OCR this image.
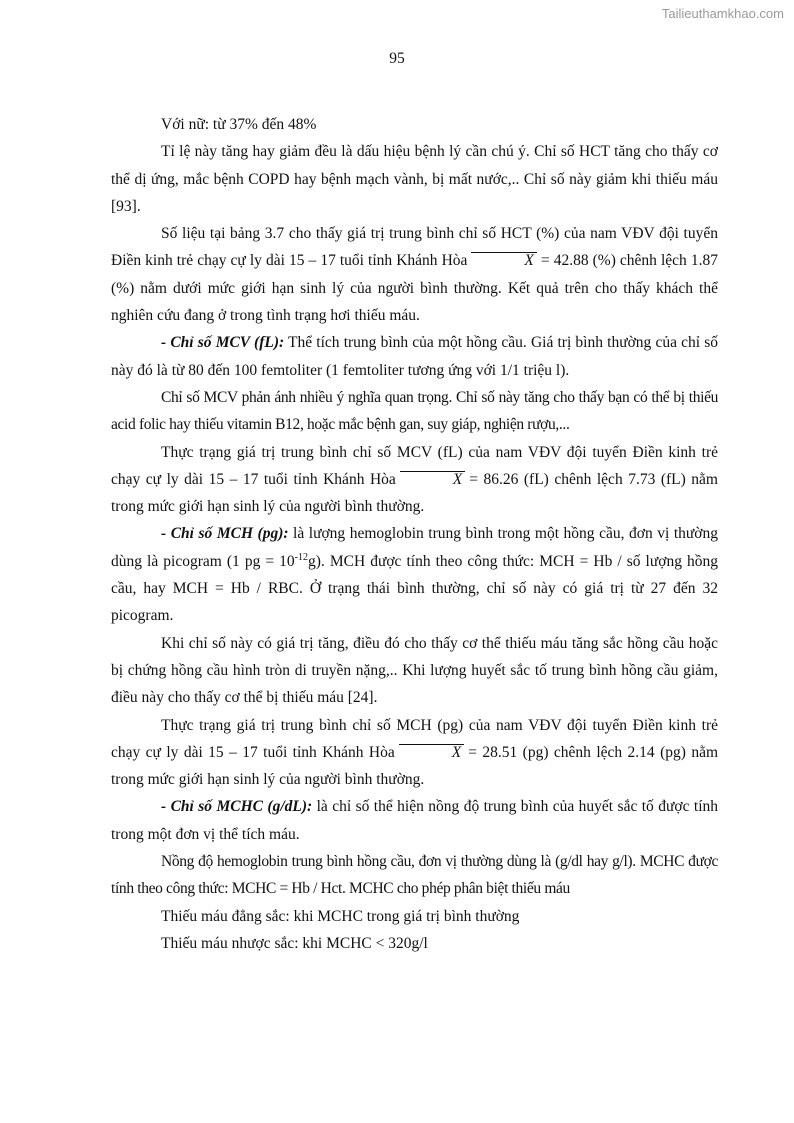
Tailieuthamkhao.com
95

Với nữ: từ 37% đến 48%

Tỉ lệ này tăng hay giảm đều là dấu hiệu bệnh lý cần chú ý. Chỉ số HCT tăng cho thấy cơ thể dị ứng, mắc bệnh COPD hay bệnh mạch vành, bị mất nước,.. Chỉ số này giảm khi thiếu máu [93].

Số liệu tại bảng 3.7 cho thấy giá trị trung bình chỉ số HCT (%) của nam VĐV đội tuyển Điền kinh trẻ chạy cự ly dài 15 – 17 tuổi tỉnh Khánh Hòa	X = 42.88 (%) chênh lệch 1.87 (%) nằm dưới mức giới hạn sinh lý của người bình thường. Kết quả trên cho thấy khách thể nghiên cứu đang ở trong tình trạng hơi thiếu máu.

- Chỉ số MCV (fL): Thể tích trung bình của một hồng cầu. Giá trị bình thường của chỉ số này đó là từ 80 đến 100 femtoliter (1 femtoliter tương ứng với 1/1 triệu l).

Chỉ số MCV phản ánh nhiều ý nghĩa quan trọng. Chỉ số này tăng cho thấy bạn có thể bị thiếu acid folic hay thiếu vitamin B12, hoặc mắc bệnh gan, suy giáp, nghiện rượu,...

Thực trạng giá trị trung bình chỉ số MCV (fL) của nam VĐV đội tuyển Điền kinh trẻ chạy cự ly dài 15 – 17 tuổi tỉnh Khánh Hòa	X = 86.26 (fL) chênh lệch 7.73 (fL) nằm trong mức giới hạn sinh lý của người bình thường.

- Chỉ số MCH (pg): là lượng hemoglobin trung bình trong một hồng cầu, đơn vị thường dùng là picogram (1 pg = $10^{-12}g$). MCH được tính theo công thức: MCH = Hb / số lượng hồng cầu, hay MCH = Hb / RBC. Ở trạng thái bình thường, chỉ số này có giá trị từ 27 đến 32 picogram.

Khi chỉ số này có giá trị tăng, điều đó cho thấy cơ thể thiếu máu tăng sắc hồng cầu hoặc bị chứng hồng cầu hình tròn di truyền nặng,.. Khi lượng huyết sắc tố trung bình hồng cầu giảm, điều này cho thấy cơ thể bị thiếu máu [24].

Thực trạng giá trị trung bình chỉ số MCH (pg) của nam VĐV đội tuyển Điền kinh trẻ chạy cự ly dài 15 – 17 tuổi tỉnh Khánh Hòa	X = 28.51 (pg) chênh lệch 2.14 (pg) nằm trong mức giới hạn sinh lý của người bình thường.

- Chỉ số MCHC (g/dL): là chỉ số thể hiện nồng độ trung bình của huyết sắc tố được tính trong một đơn vị thể tích máu.

Nồng độ hemoglobin trung bình hồng cầu, đơn vị thường dùng là (g/dl hay g/l). MCHC được tính theo công thức: MCHC = Hb / Hct. MCHC cho phép phân biệt thiếu máu

Thiếu máu đẳng sắc: khi MCHC trong giá trị bình thường

Thiếu máu nhược sắc: khi MCHC < 320g/l
